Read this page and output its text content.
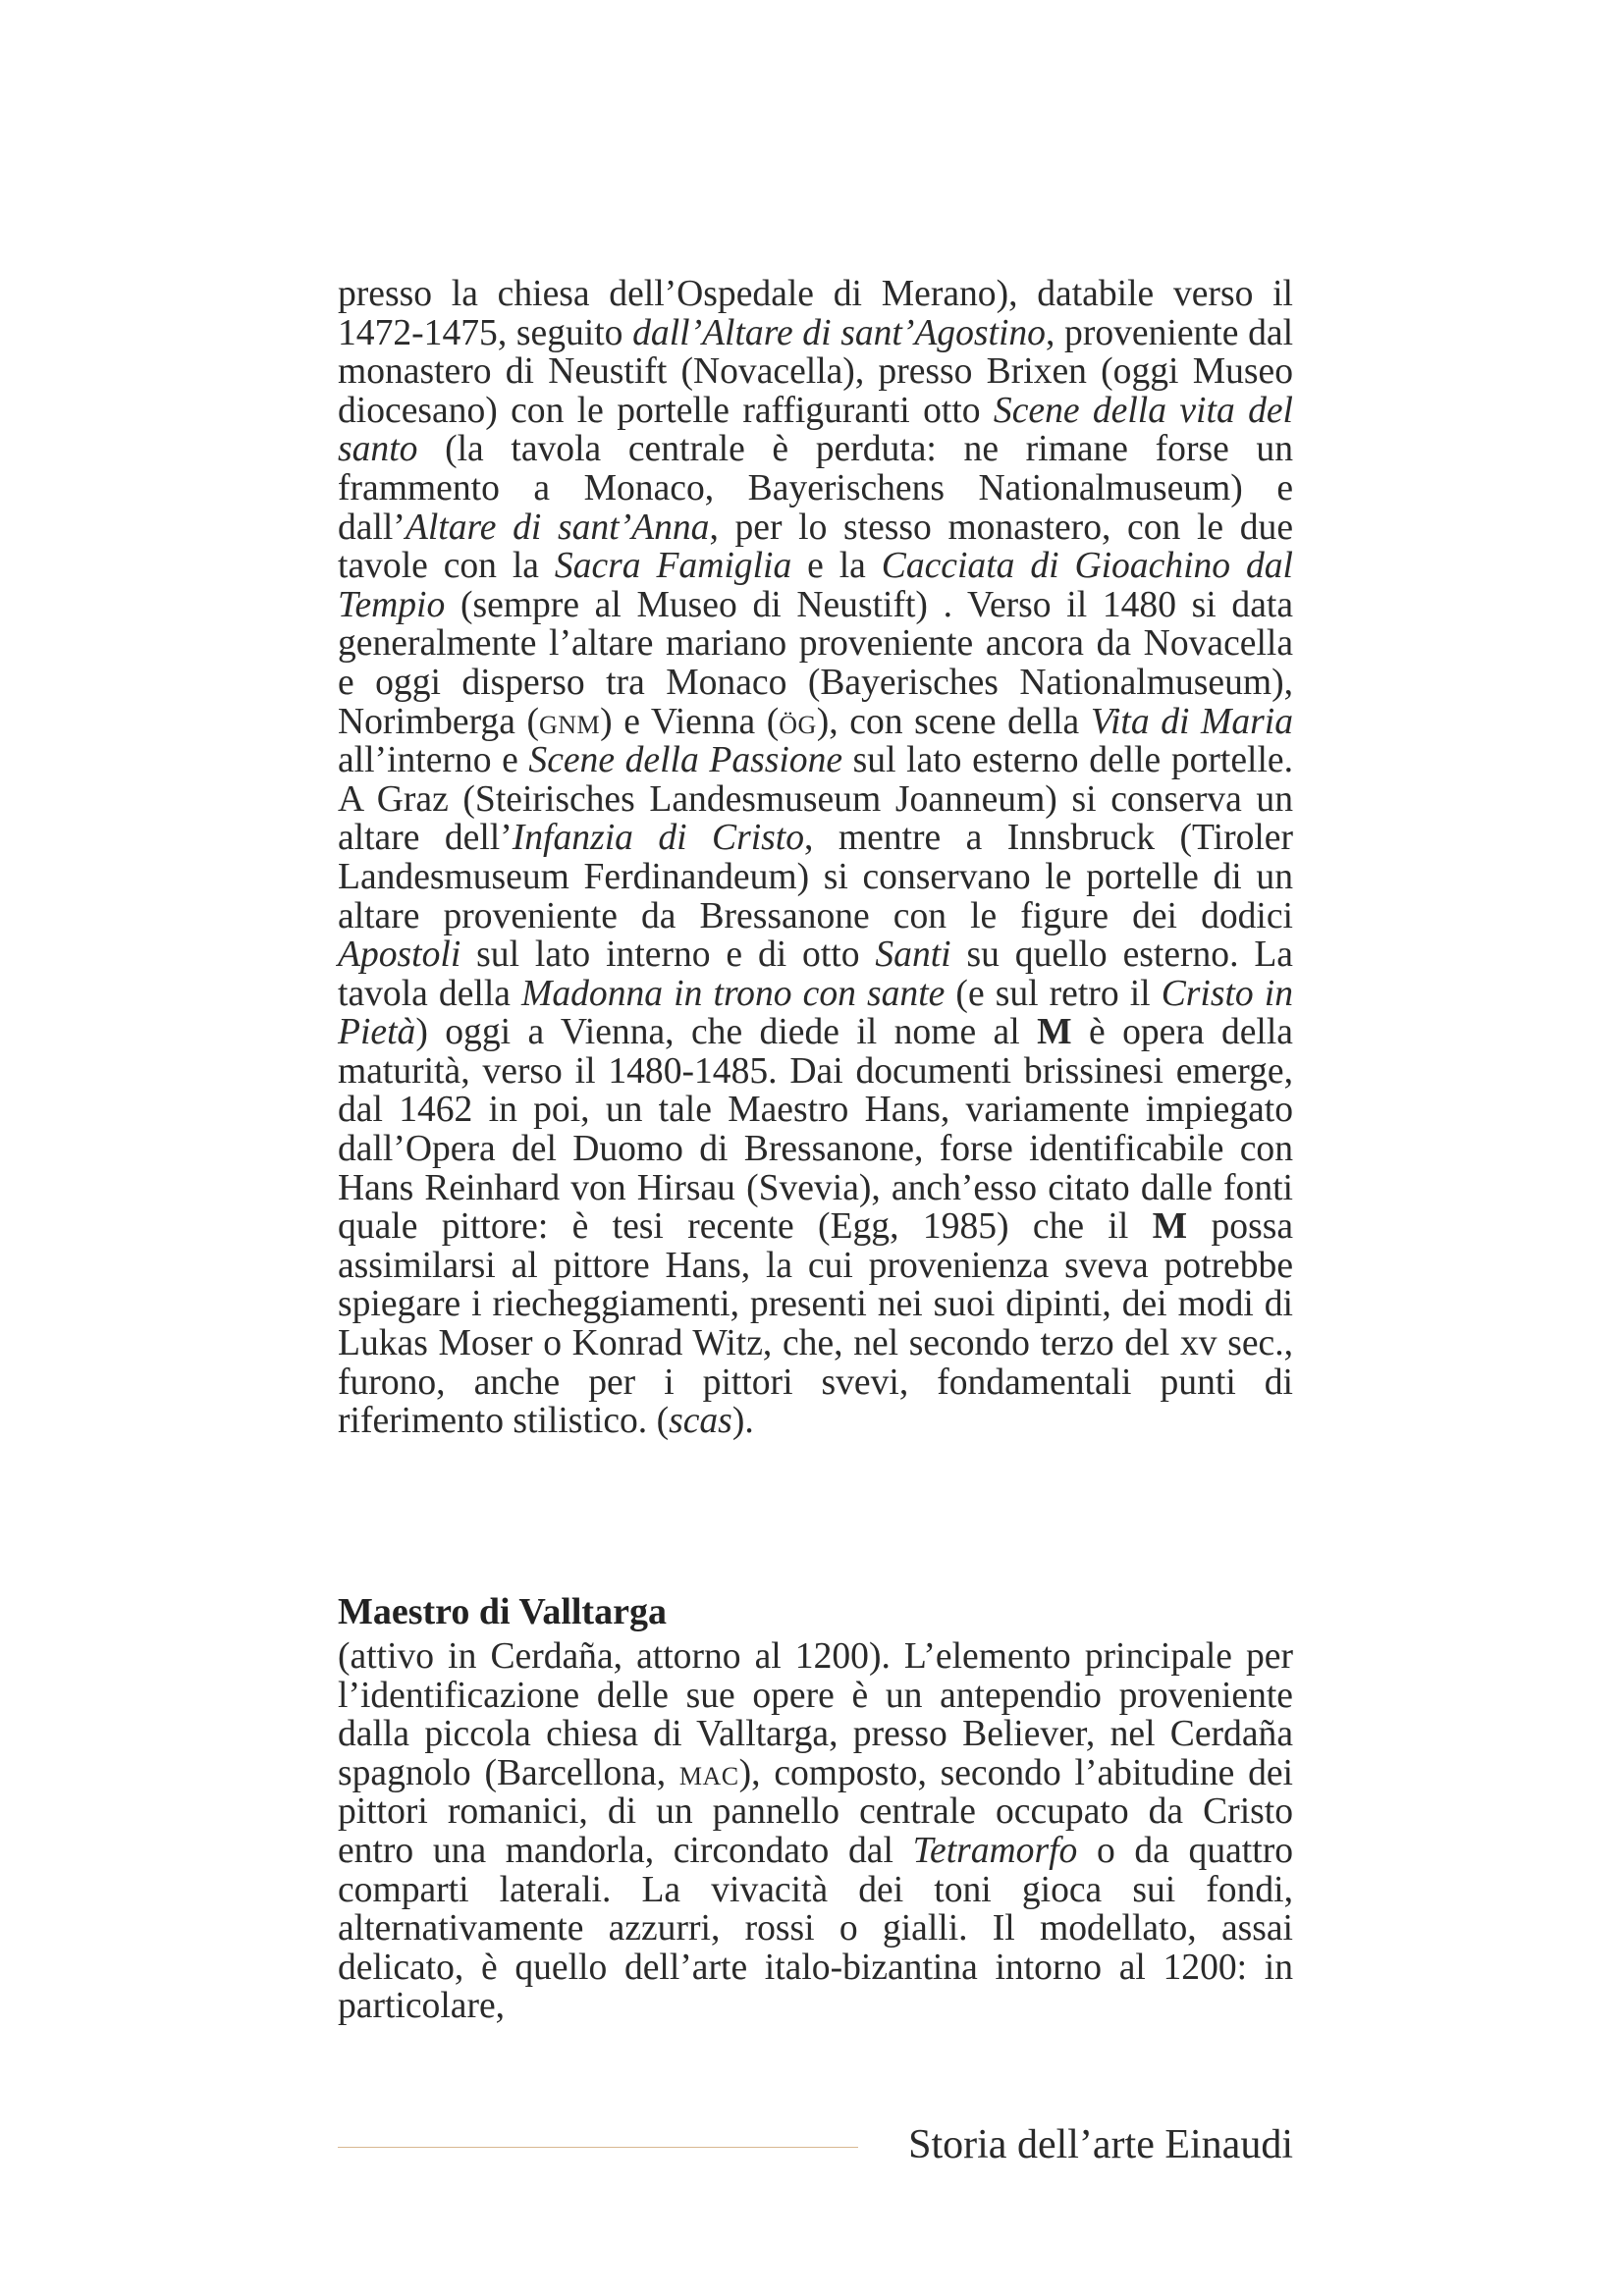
presso la chiesa dell’Ospedale di Merano), databile verso il 1472-1475, seguito dall’Altare di sant’Agostino, proveniente dal monastero di Neustift (Novacella), presso Brixen (oggi Museo diocesano) con le portelle raffiguranti otto Scene della vita del santo (la tavola centrale è perduta: ne rimane forse un frammento a Monaco, Bayerischens Nationalmuseum) e dall’Altare di sant’Anna, per lo stesso monastero, con le due tavole con la Sacra Famiglia e la Cacciata di Gioachino dal Tempio (sempre al Museo di Neustift) . Verso il 1480 si data generalmente l’altare mariano proveniente ancora da Novacella e oggi disperso tra Monaco (Bayerisches Nationalmuseum), Norimberga (gnm) e Vienna (ög), con scene della Vita di Maria all’interno e Scene della Passione sul lato esterno delle portelle. A Graz (Steirisches Landesmuseum Joanneum) si conserva un altare dell’Infanzia di Cristo, mentre a Innsbruck (Tiroler Landesmuseum Ferdinandeum) si conservano le portelle di un altare proveniente da Bressanone con le figure dei dodici Apostoli sul lato interno e di otto Santi su quello esterno. La tavola della Madonna in trono con sante (e sul retro il Cristo in Pietà) oggi a Vienna, che diede il nome al M è opera della maturità, verso il 1480-1485. Dai documenti brissinesi emerge, dal 1462 in poi, un tale Maestro Hans, variamente impiegato dall’Opera del Duomo di Bressanone, forse identificabile con Hans Reinhard von Hirsau (Svevia), anch’esso citato dalle fonti quale pittore: è tesi recente (Egg, 1985) che il M possa assimilarsi al pittore Hans, la cui provenienza sveva potrebbe spiegare i riecheggiamenti, presenti nei suoi dipinti, dei modi di Lukas Moser o Konrad Witz, che, nel secondo terzo del xv sec., furono, anche per i pittori svevi, fondamentali punti di riferimento stilistico. (scas).
Maestro di Valltarga
(attivo in Cerdaña, attorno al 1200). L’elemento principale per l’identificazione delle sue opere è un antependio proveniente dalla piccola chiesa di Valltarga, presso Believer, nel Cerdaña spagnolo (Barcellona, mac), composto, secondo l’abitudine dei pittori romanici, di un pannello centrale occupato da Cristo entro una mandorla, circondato dal Tetramorfo o da quattro comparti laterali. La vivacità dei toni gioca sui fondi, alternativamente azzurri, rossi o gialli. Il modellato, assai delicato, è quello dell’arte italo-bizantina intorno al 1200: in particolare,
Storia dell’arte Einaudi
